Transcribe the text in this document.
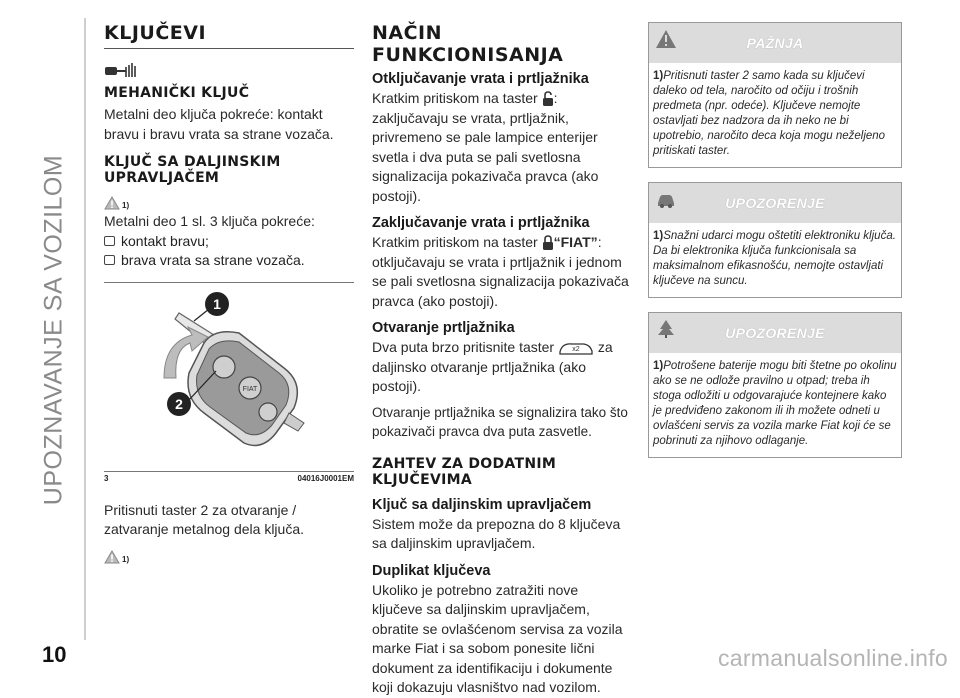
UPOZNAVANJE SA VOZILOM
10	carmanualsonline.info
KLJUČEVI
MEHANIČKI KLJUČ

Metalni deo ključa pokreće: kontakt bravu i bravu vrata sa strane vozača.

KLJUČ SA DALJINSKIM UPRAVLJAČEM
1)

Metalni deo 1 sl. 3 ključa pokreće:

kontakt bravu;
brava vrata sa strane vozača.
FIAT
1
2
3	04016J0001EM

Pritisnuti taster 2 za otvaranje / zatvaranje metalnog dela ključa.

1)
NAČIN FUNKCIONISANJA
Otključavanje vrata i prtljažnika

Kratkim pritiskom na taster : zaključavaju se vrata, prtljažnik, privremeno se pale lampice enterijer svetla i dva puta se pali svetlosna signalizacija pokazivača pravca (ako postoji).

Zaključavanje vrata i prtljažnika

Kratkim pritiskom na taster “FIAT”: otključavaju se vrata i prtljažnik i jednom se pali svetlosna signalizacija pokazivača pravca (ako postoji).

Otvaranje prtljažnika

Dva puta brzo pritisnite taster	x2 za daljinsko otvaranje prtljažnika (ako postoji).

Otvaranje prtljažnika se signalizira tako što pokazivači pravca dva puta zasvetle.

ZAHTEV ZA DODATNIM KLJUČEVIMA
Ključ sa daljinskim upravljačem

Sistem može da prepozna do 8 ključeva sa daljinskim upravljačem.

Duplikat ključeva

Ukoliko je potrebno zatražiti nove ključeve sa daljinskim upravljačem, obratite se ovlašćenom servisa za vozila marke Fiat i sa sobom ponesite lični dokument za identifikaciju i dokumente koji dokazuju vlasništvo nad vozilom.

PAŽNJA
1)Pritisnuti taster 2 samo kada su ključevi daleko od tela, naročito od očiju i trošnih predmeta (npr. odeće). Ključeve nemojte ostavljati bez nadzora da ih neko ne bi upotrebio, naročito deca koja mogu neželjeno pritiskati taster.
UPOZORENJE
1)Snažni udarci mogu oštetiti elektroniku ključa. Da bi elektronika ključa funkcionisala sa maksimalnom efikasnošću, nemojte ostavljati ključeve na suncu.
UPOZORENJE
1)Potrošene baterije mogu biti štetne po okolinu ako se ne odlože pravilno u otpad; treba ih stoga odložiti u odgovarajuće kontejnere kako je predviđeno zakonom ili ih možete odneti u ovlašćeni servis za vozila marke Fiat koji će se pobrinuti za njihovo odlaganje.
